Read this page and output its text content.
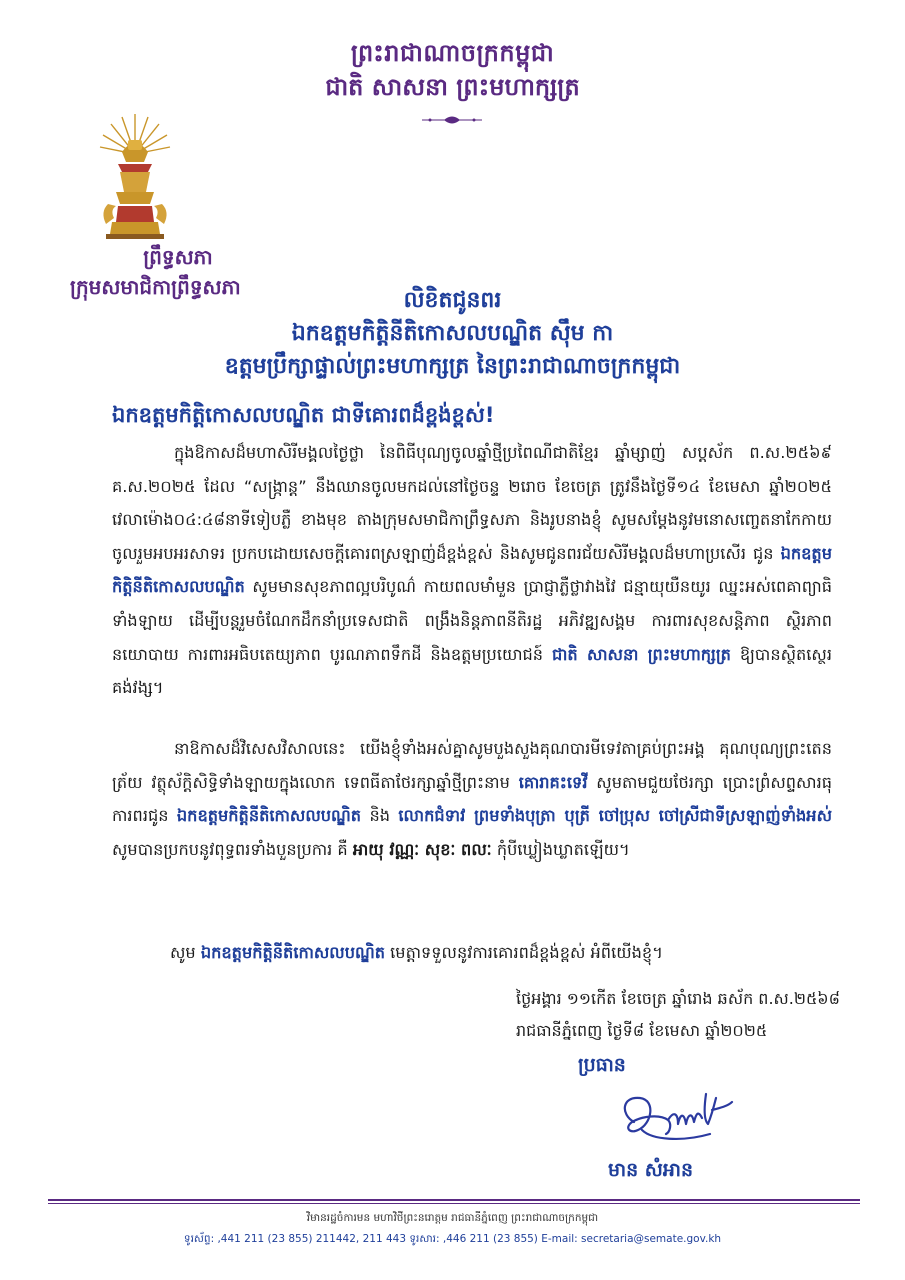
ព្រះរាជាណាចក្រកម្ពុជា
ជាតិ សាសនា ព្រះមហាក្សត្រ
ព្រឹទ្ធសភា
ក្រុមសមាជិកាព្រឹទ្ធសភា
លិខិតជូនពរ
ឯកឧត្តមកិត្តិនីតិកោសលបណ្ឌិត ស៊ឹម កា
ឧត្តមប្រឹក្សាផ្ទាល់ព្រះមហាក្សត្រ នៃព្រះរាជាណាចក្រកម្ពុជា
ឯកឧត្តមកិត្តិកោសលបណ្ឌិត ជាទីគោរពដ៏ខ្ពង់ខ្ពស់!
ក្នុងឱកាសដ៏មហាសិរីមង្គលថ្ងៃថ្លា នៃពិធីបុណ្យចូលឆ្នាំថ្មីប្រពៃណីជាតិខ្មែរ ឆ្នាំម្សាញ់ សប្តស័ក ព.ស.២៥៦៩ គ.ស.២០២៥ ដែល “សង្ក្រាន្ត” នឹងឈានចូលមកដល់នៅថ្ងៃចន្ទ ២រោច ខែចេត្រ ត្រូវនឹងថ្ងៃទី១៤ ខែមេសា ឆ្នាំ២០២៥ វេលាម៉ោង០៤:៤៨នាទីទៀបភ្លឺ ខាងមុខ តាងក្រុមសមាជិកាព្រឹទ្ធសភា និងរូបនាងខ្ញុំ សូមសម្តែងនូវមនោសញ្ចេតនាកែកាយ ចូលរួមអបអរសាទរ ប្រកបដោយសេចក្តីគោរពស្រឡាញ់ដ៏ខ្ពង់ខ្ពស់ និងសូមជូនពរជ័យសិរីមង្គលដ៏មហាប្រសើរ ជូន ឯកឧត្តមកិត្តិនីតិកោសលបណ្ឌិត សូមមានសុខភាពល្អបរិបូណ៌ កាយពលមាំមួន ប្រាជ្ញាភ្លឺថ្លាវាងវៃ ជន្មាយុយឺនយូរ ឈ្នះអស់ពេគាព្យាធិទាំងឡាយ ដើម្បីបន្តរួមចំណែកដឹកនាំប្រទេសជាតិ ពង្រឹងនិន្តភាពនីតិរដ្ឋ អភិវឌ្ឍសង្គម ការពារសុខសន្តិភាព ស្ថិរភាពនយោបាយ ការពារអធិបតេយ្យភាព បូរណភាពទឹកដី និងឧត្តមប្រយោជន៍ ជាតិ សាសនា ព្រះមហាក្សត្រ ឱ្យបានស្ថិតស្ថេរគង់វង្ស។
នាឱកាសដ៏វិសេសវិសាលនេះ យើងខ្ញុំទាំងអស់គ្នាសូមបួងសួងគុណបារមីទេវតាគ្រប់ព្រះអង្គ គុណបុណ្យព្រះតេនត្រ័យ វត្ថុស័ក្តិសិទ្ធិទាំងឡាយក្នុងលោក ទេពធីតាថែរក្សាឆ្នាំថ្មីព្រះនាម គោរាគះទេវី សូមតាមជួយថែរក្សា ប្រោះព្រំសព្ទសារធុការពរជូន ឯកឧត្តមកិត្តិនីតិកោសលបណ្ឌិត និង លោកជំទាវ ព្រមទាំងបុត្រា បុត្រី ចៅប្រុស ចៅស្រីជាទីស្រឡាញ់ទាំងអស់ សូមបានប្រកបនូវពុទ្ធពរទាំងបួនប្រការ គឺ អាយុ វណ្ណៈ សុខៈ ពលៈ កុំបីឃ្លៀងឃ្លាតឡើយ។
សូម ឯកឧត្តមកិត្តិនីតិកោសលបណ្ឌិត មេត្តាទទួលនូវការគោរពដ៏ខ្ពង់ខ្ពស់ អំពីយើងខ្ញុំ។
ថ្ងៃអង្គារ ១១កើត ខែចេត្រ ឆ្នាំរោង ឆស័ក ព.ស.២៥៦៨
រាជធានីភ្នំពេញ ថ្ងៃទី៨ ខែមេសា ឆ្នាំ២០២៥
ប្រធាន
មាន សំអាន
វិមានរដ្ឋចំការមន មហាវិថីព្រះនរោត្តម រាជធានីភ្នំពេញ ព្រះរាជាណាចក្រកម្ពុជា
ទូរស័ព្ទ: ,441 211 (23 855) 211442, 211 443 ទូរសារ: ,446 211 (23 855) E-mail: secretaria@semate.gov.kh
